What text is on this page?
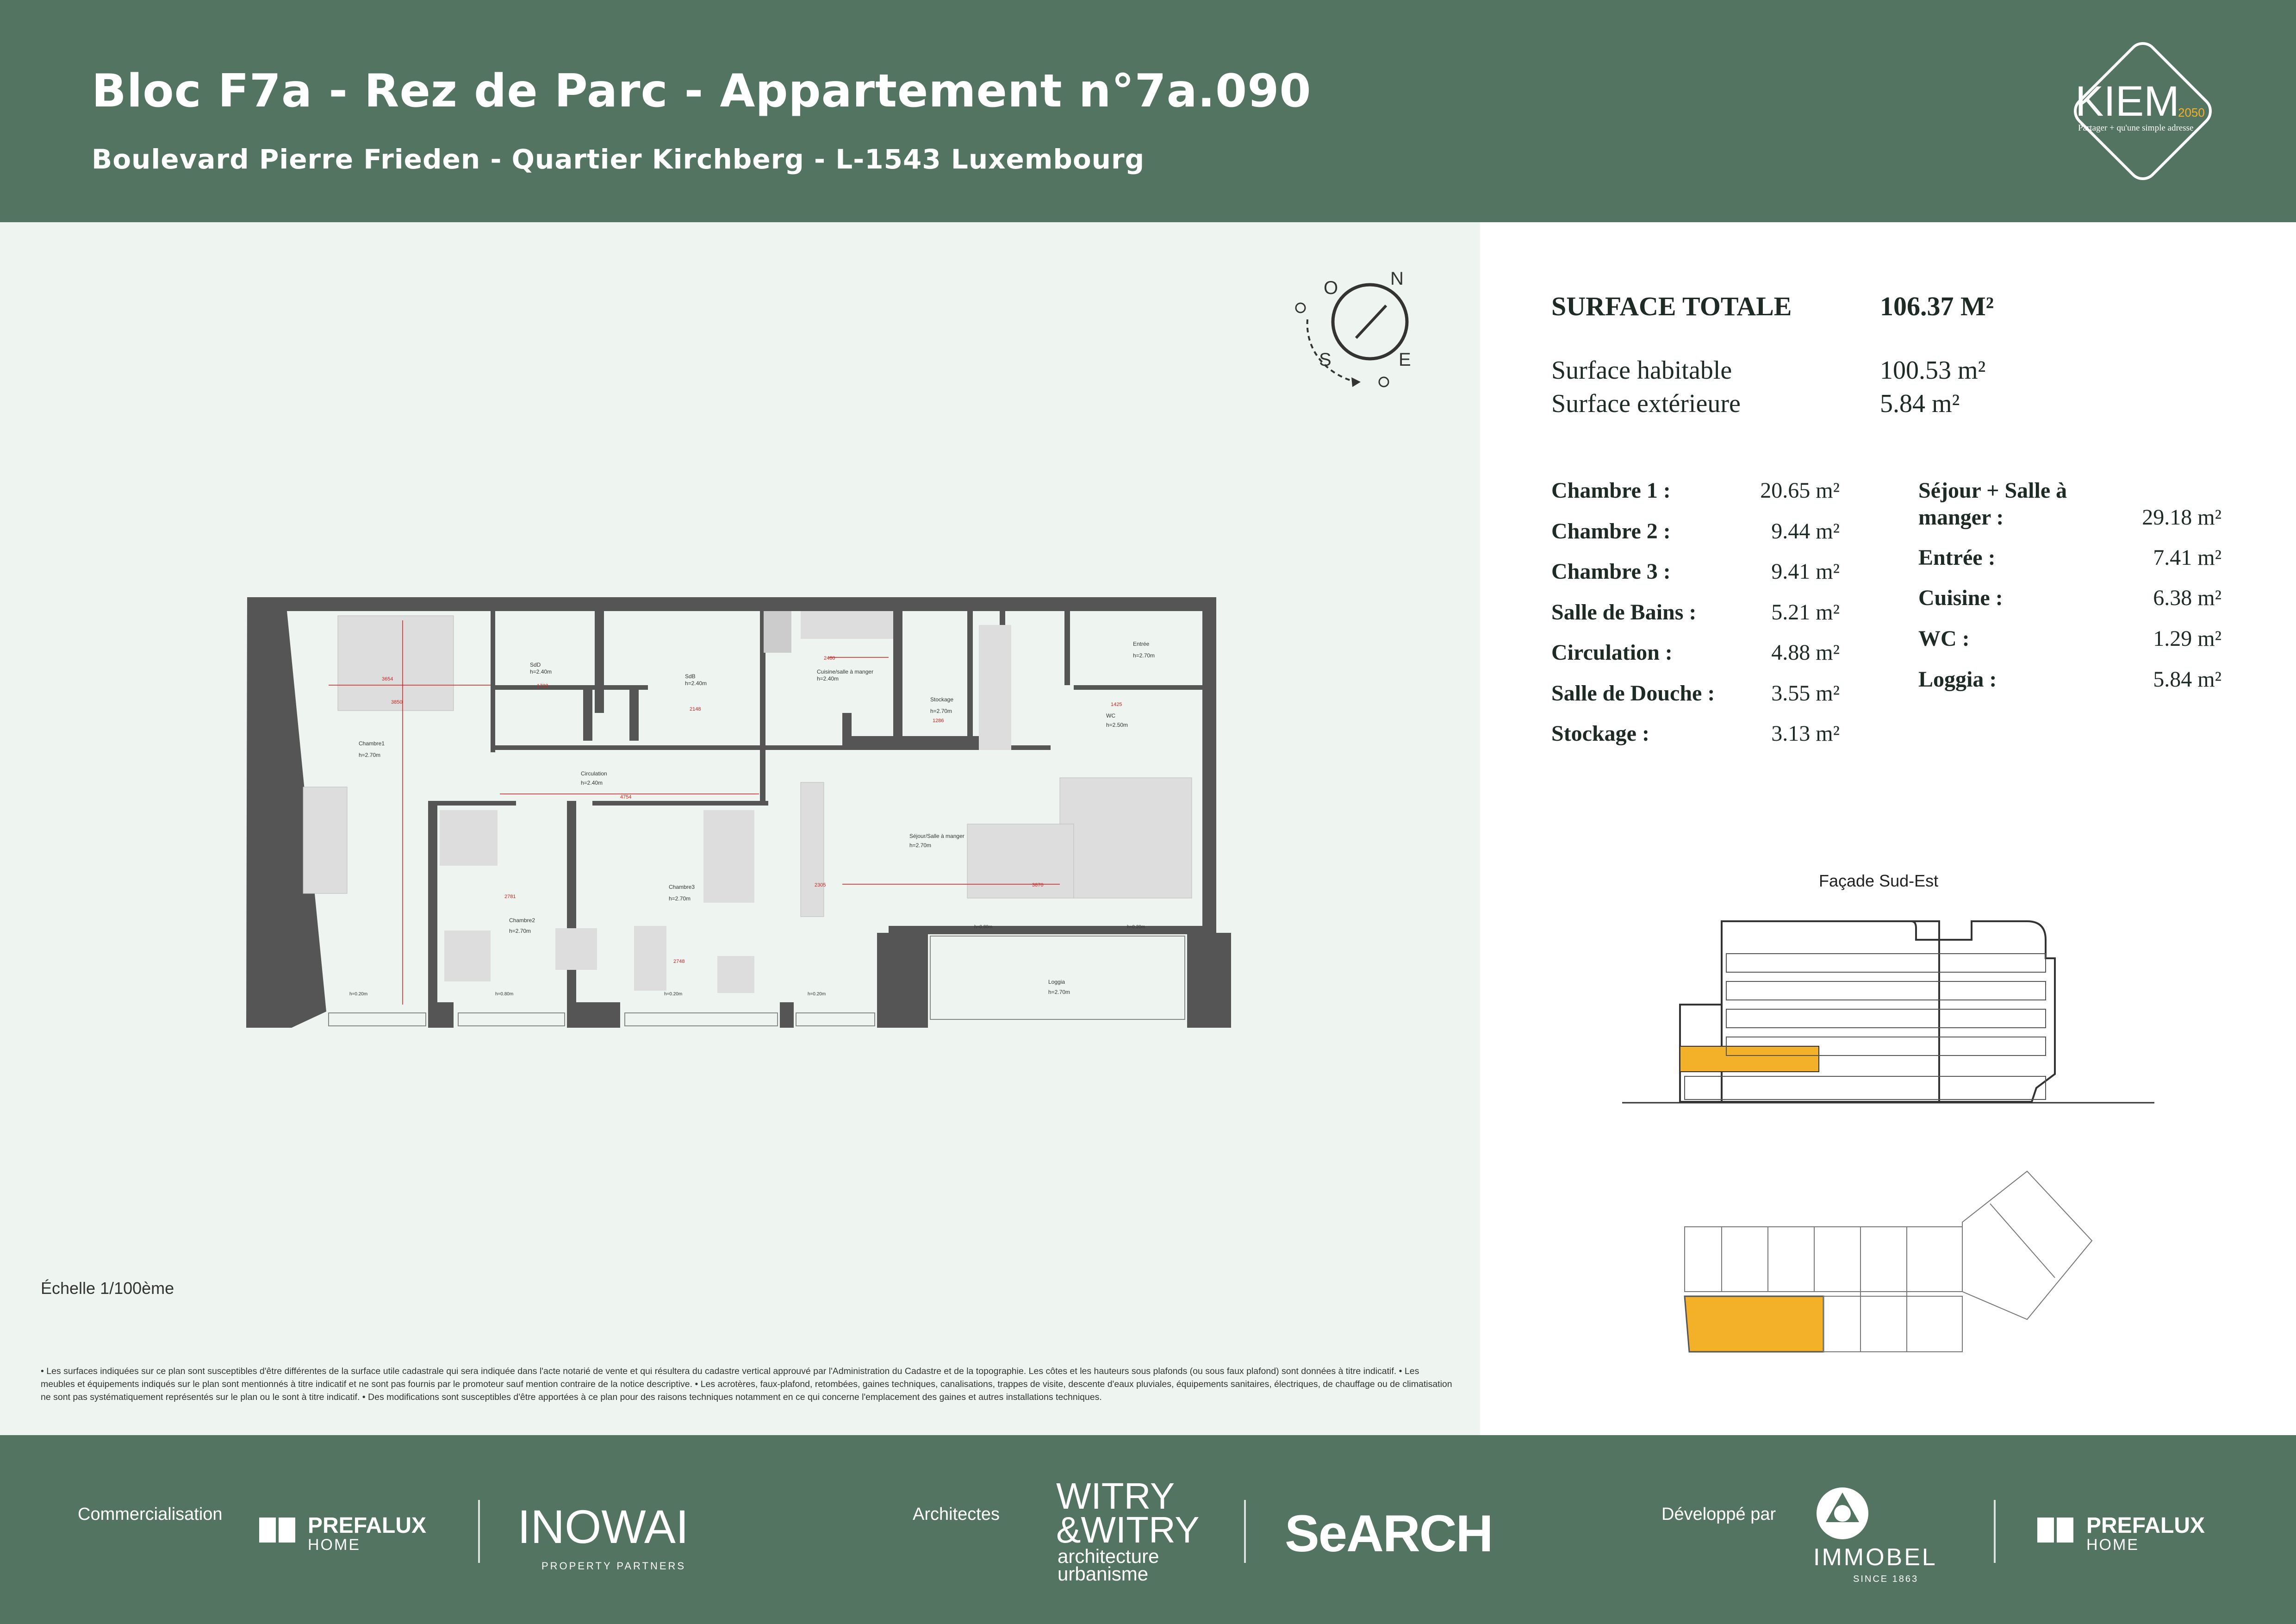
Bloc F7a - Rez de Parc - Appartement n°7a.090
Boulevard Pierre Frieden - Quartier Kirchberg - L-1543 Luxembourg
KIEM
2050
Partager + qu'une simple adresse
N
O
S	E
Chambre1
h=2.70m
SdD
h=2.40m
SdB
h=2.40m
Cuisine/salle à manger
h=2.40m
Stockage
h=2.70m
Entrée
h=2.70m
WC
h=2.50m
Circulation
h=2.40m
Chambre2
h=2.70m
Chambre3
h=2.70m
Séjour/Salle à manger
h=2.70m
Loggia
h=2.70m
3654
3850
1723
2148
2480
1425
4754
2781
2748
3870
2305
1286
h=0.20m	h=0.80m	h=0.20m	h=0.20m
h=0.80m	h=0.20m
Échelle 1/100ème
• Les surfaces indiquées sur ce plan sont susceptibles d'être différentes de la surface utile cadastrale qui sera indiquée dans l'acte notarié de vente et qui résultera du cadastre vertical approuvé par l'Administration du Cadastre et de la topographie. Les côtes et les hauteurs sous plafonds (ou sous faux plafond) sont données à titre indicatif. • Les meubles et équipements indiqués sur le plan sont mentionnés à titre indicatif et ne sont pas fournis par le promoteur sauf mention contraire de la notice descriptive. • Les acrotères, faux-plafond, retombées, gaines techniques, canalisations, trappes de visite, descente d'eaux pluviales, équipements sanitaires, électriques, de chauffage ou de climatisation ne sont pas systématiquement représentés sur le plan ou le sont à titre indicatif. • Des modifications sont susceptibles d'être apportées à ce plan pour des raisons techniques notamment en ce qui concerne l'emplacement des gaines et autres installations techniques.
SURFACE TOTALE	106.37 M²
Surface habitable	100.53 m²
Surface extérieure	5.84 m²
Chambre 1 :	20.65 m²
Chambre 2 :	9.44 m²
Chambre 3 :	9.41 m²
Salle de Bains :	5.21 m²
Circulation :	4.88 m²
Salle de Douche :	3.55 m²
Stockage :	3.13 m²
Séjour + Salle à
manger :	29.18 m²
Entrée :	7.41 m²
Cuisine :	6.38 m²
WC :	1.29 m²
Loggia :	5.84 m²
Façade Sud-Est
Commercialisation	PREFALUX
HOME	INOWAI
PROPERTY PARTNERS
Architectes WITRY
&WITRY
architecture
urbanisme
SeARCH	Développé par
IMMOBEL
SINCE 1863
PREFALUX
HOME
